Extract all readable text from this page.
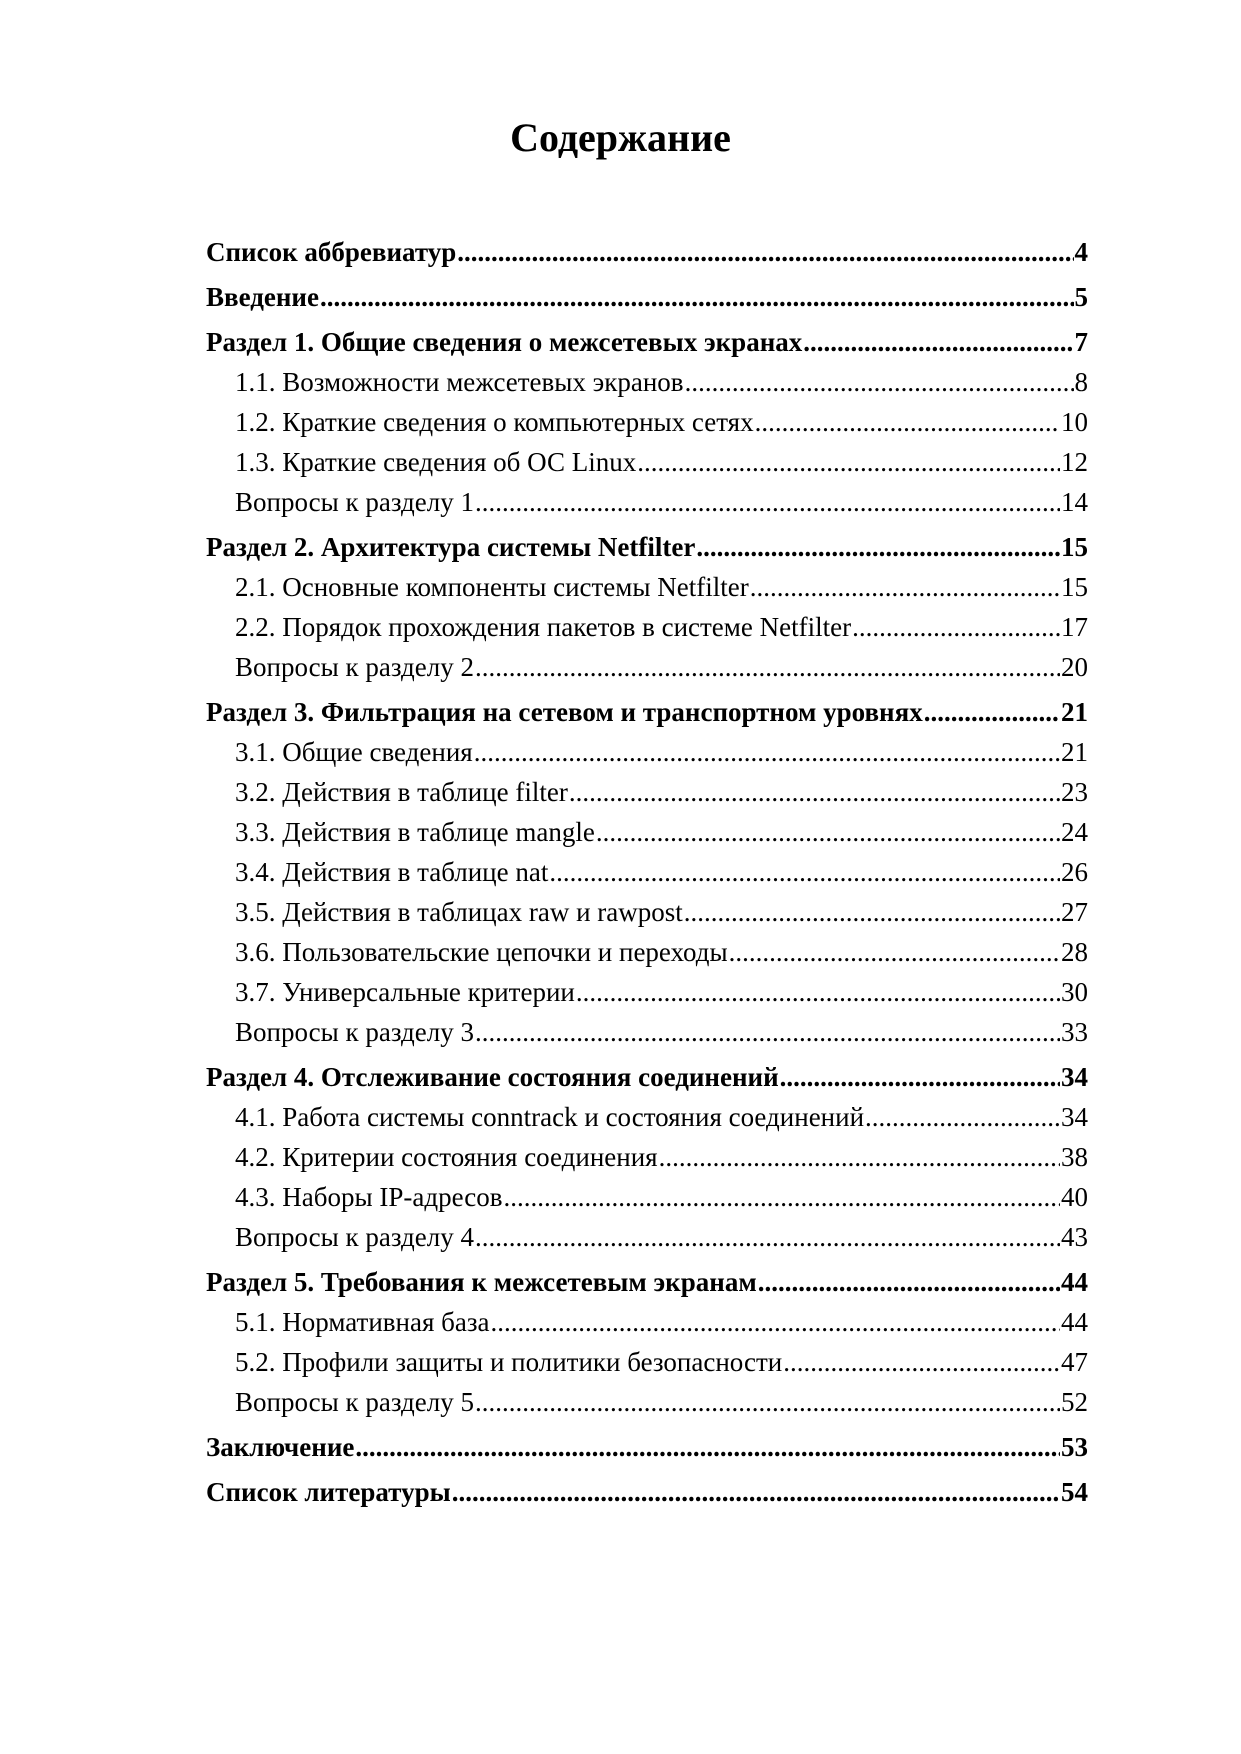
Содержание
Список аббревиатур .....	4
Введение .....	5
Раздел 1. Общие сведения о межсетевых экранах .....	7
1.1. Возможности межсетевых экранов .....	8
1.2. Краткие сведения о компьютерных сетях .....	10
1.3. Краткие сведения об ОС Linux .....	12
Вопросы к разделу 1 .....	14
Раздел 2. Архитектура системы Netfilter .....	15
2.1. Основные компоненты системы Netfilter .....	15
2.2. Порядок прохождения пакетов в системе Netfilter .....	17
Вопросы к разделу 2 .....	20
Раздел 3. Фильтрация на сетевом и транспортном уровнях .....	21
3.1. Общие сведения .....	21
3.2. Действия в таблице filter .....	23
3.3. Действия в таблице mangle .....	24
3.4. Действия в таблице nat .....	26
3.5. Действия в таблицах raw и rawpost .....	27
3.6. Пользовательские цепочки и переходы .....	28
3.7. Универсальные критерии .....	30
Вопросы к разделу 3 .....	33
Раздел 4. Отслеживание состояния соединений .....	34
4.1. Работа системы conntrack и состояния соединений .....	34
4.2. Критерии состояния соединения .....	38
4.3. Наборы IP-адресов .....	40
Вопросы к разделу 4 .....	43
Раздел 5. Требования к межсетевым экранам .....	44
5.1. Нормативная база .....	44
5.2. Профили защиты и политики безопасности .....	47
Вопросы к разделу 5 .....	52
Заключение .....	53
Список литературы .....	54
